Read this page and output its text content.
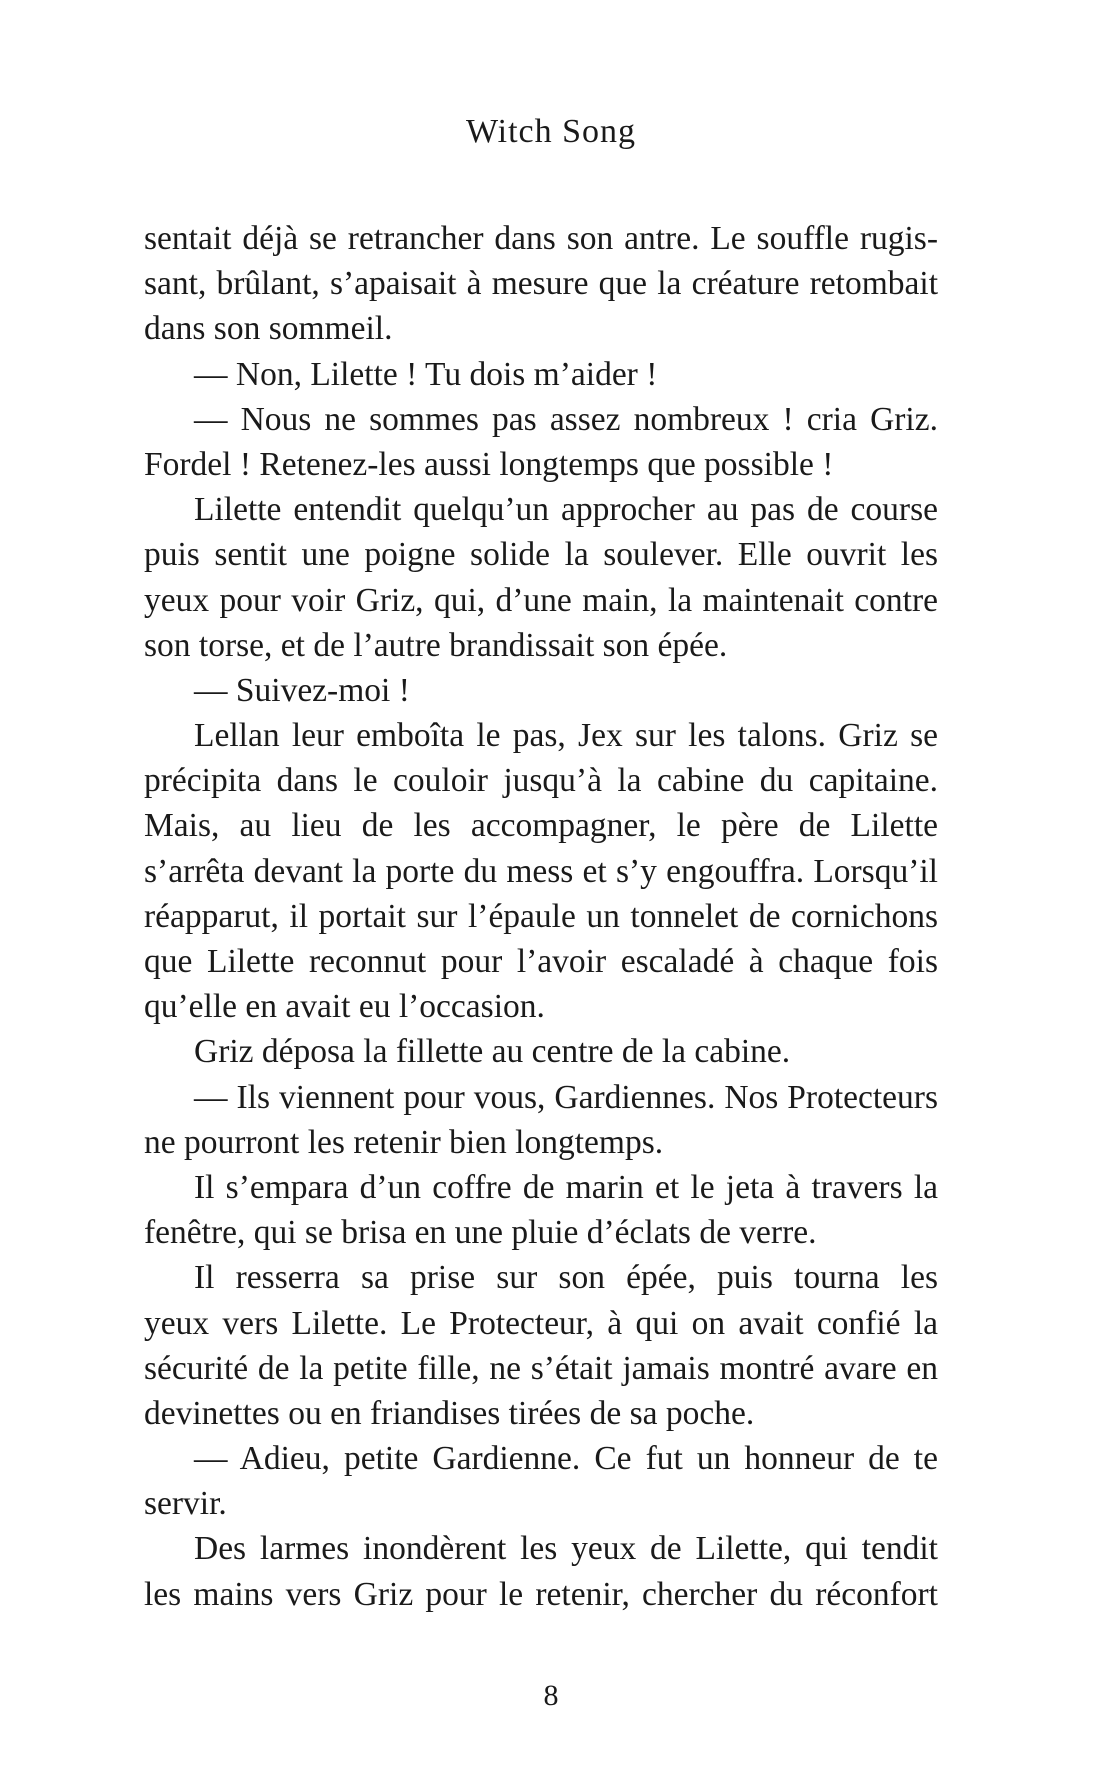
Witch Song
sentait déjà se retrancher dans son antre. Le souffle rugis-
sant, brûlant, s’apaisait à mesure que la créature retombait
dans son sommeil.
— Non, Lilette ! Tu dois m’aider !
— Nous ne sommes pas assez nombreux ! cria Griz.
Fordel ! Retenez-les aussi longtemps que possible !
Lilette entendit quelqu’un approcher au pas de course
puis sentit une poigne solide la soulever. Elle ouvrit les
yeux pour voir Griz, qui, d’une main, la maintenait contre
son torse, et de l’autre brandissait son épée.
— Suivez-moi !
Lellan leur emboîta le pas, Jex sur les talons. Griz se
précipita dans le couloir jusqu’à la cabine du capitaine.
Mais, au lieu de les accompagner, le père de Lilette
s’arrêta devant la porte du mess et s’y engouffra. Lorsqu’il
réapparut, il portait sur l’épaule un tonnelet de cornichons
que Lilette reconnut pour l’avoir escaladé à chaque fois
qu’elle en avait eu l’occasion.
Griz déposa la fillette au centre de la cabine.
— Ils viennent pour vous, Gardiennes. Nos Protecteurs
ne pourront les retenir bien longtemps.
Il s’empara d’un coffre de marin et le jeta à travers la
fenêtre, qui se brisa en une pluie d’éclats de verre.
Il resserra sa prise sur son épée, puis tourna les
yeux vers Lilette. Le Protecteur, à qui on avait confié la
sécurité de la petite fille, ne s’était jamais montré avare en
devinettes ou en friandises tirées de sa poche.
— Adieu, petite Gardienne. Ce fut un honneur de te
servir.
Des larmes inondèrent les yeux de Lilette, qui tendit
les mains vers Griz pour le retenir, chercher du réconfort
8
